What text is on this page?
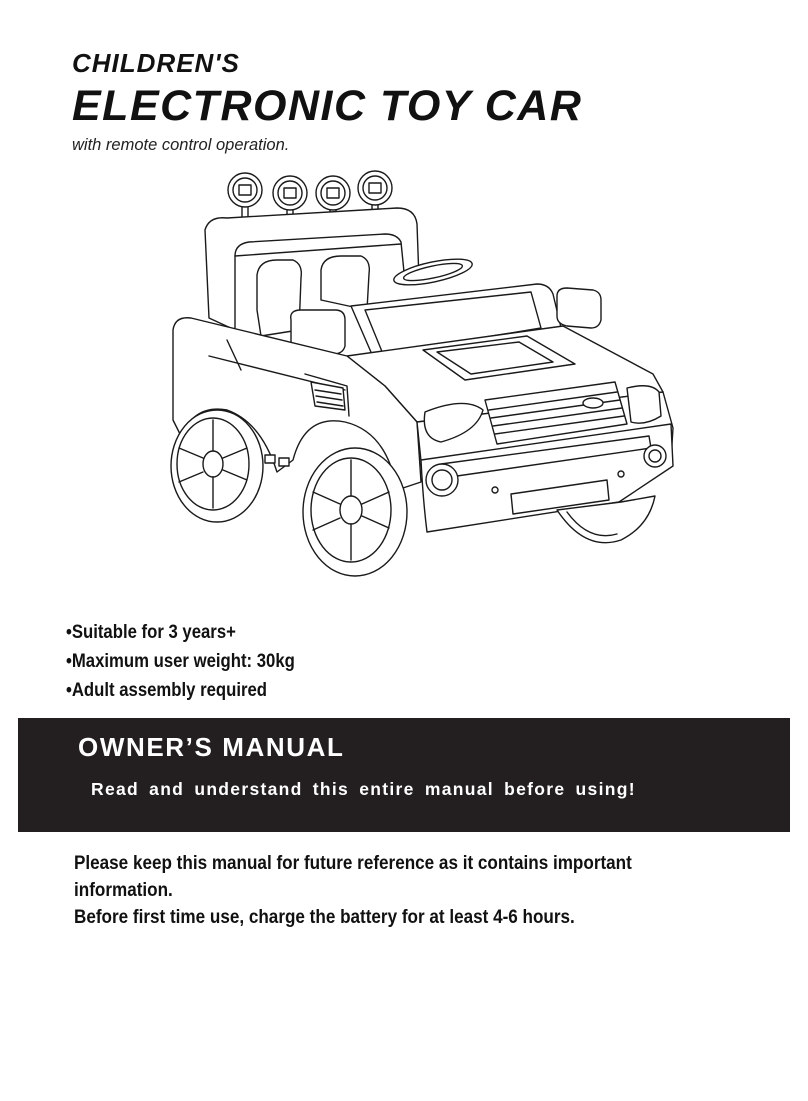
CHILDREN'S
ELECTRONIC TOY CAR

with remote control operation.

• Suitable for 3 years+
• Maximum user weight: 30kg
• Adult assembly required
OWNER’S MANUAL

Read and understand this entire manual before using!

Please keep this manual for future reference as it contains important
information.
Before first time use, charge the battery for at least 4-6 hours.
